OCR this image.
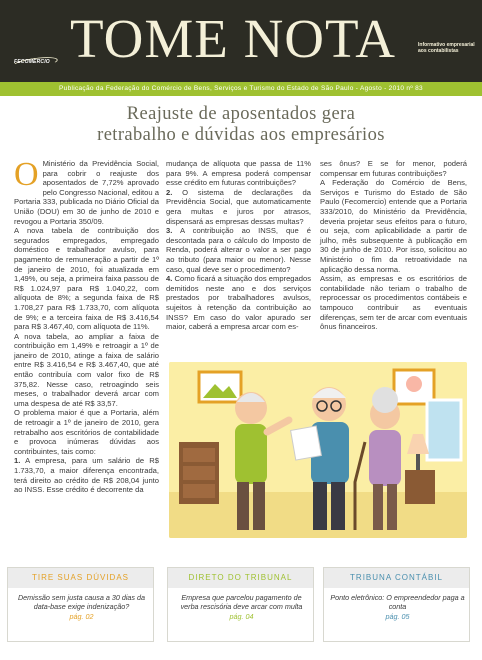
FECOMERCIO TOME NOTA	Informativo empresarial aos contabilistas
Publicação da Federação do Comércio de Bens, Serviços e Turismo do Estado de São Paulo - Agosto - 2010 nº 83
Reajuste de aposentados gera
retrabalho e dúvidas aos empresários
O Ministério da Previdência Social, para cobrir o reajuste dos aposentados de 7,72% aprovado pelo Congresso Nacional, editou a Portaria 333, publicada no Diário Oficial da União (DOU) em 30 de junho de 2010 e revogou a Portaria 350/09.

A nova tabela de contribuição dos segurados empregados, empregado doméstico e trabalhador avulso, para pagamento de remuneração a partir de 1º de janeiro de 2010, foi atualizada em 1,49%, ou seja, a primeira faixa passou de R$ 1.024,97 para R$ 1.040,22, com alíquota de 8%; a segunda faixa de R$ 1.708,27 para R$ 1.733,70, com alíquota de 9%; e a terceira faixa de R$ 3.416,54 para R$ 3.467,40, com alíquota de 11%.

A nova tabela, ao ampliar a faixa de contribuição em 1,49% e retroagir a 1º de janeiro de 2010, atinge a faixa de salário entre R$ 3.416,54 e R$ 3.467,40, que até então contribuía com valor fixo de R$ 375,82. Nesse caso, retroagindo seis meses, o trabalhador deverá arcar com uma despesa de até R$ 33,57.

O problema maior é que a Portaria, além de retroagir a 1º de janeiro de 2010, gera retrabalho aos escritórios de contabilidade e provoca inúmeras dúvidas aos contribuintes, tais como:

1. A empresa, para um salário de R$ 1.733,70, a maior diferença encontrada, terá direito ao crédito de R$ 208,04 junto ao INSS. Esse crédito é decorrente da

mudança de alíquota que passa de 11% para 9%. A empresa poderá compensar esse crédito em futuras contribuições?

2. O sistema de declarações da Previdência Social, que automaticamente gera multas e juros por atrasos, dispensará as empresas dessas multas?

3. A contribuição ao INSS, que é descontada para o cálculo do Imposto de Renda, poderá alterar o valor a ser pago ao tributo (para maior ou menor). Nesse caso, qual deve ser o procedimento?

4. Como ficará a situação dos empregados demitidos neste ano e dos serviços prestados por trabalhadores avulsos, sujeitos à retenção da contribuição ao INSS? Em caso do valor apurado ser maior, caberá a empresa arcar com es-

ses ônus? E se for menor, poderá compensar em futuras contribuições?

A Federação do Comércio de Bens, Serviços e Turismo do Estado de São Paulo (Fecomercio) entende que a Portaria 333/2010, do Ministério da Previdência, deveria projetar seus efeitos para o futuro, ou seja, com aplicabilidade a partir de julho, mês subsequente à publicação em 30 de junho de 2010. Por isso, solicitou ao Ministério o fim da retroatividade na aplicação dessa norma.

Assim, as empresas e os escritórios de contabilidade não teriam o trabalho de reprocessar os procedimentos contábeis e tampouco contribuir as eventuais diferenças, sem ter de arcar com eventuais ônus financeiros.

TIRE SUAS DÚVIDAS
Demissão sem justa causa a 30 dias da data-base exige indenização?
pág. 02
DIRETO DO TRIBUNAL
Empresa que parcelou pagamento de verba rescisória deve arcar com multa
pág. 04
TRIBUNA CONTÁBIL
Ponto eletrônico: O empreendedor paga a conta
pág. 05
